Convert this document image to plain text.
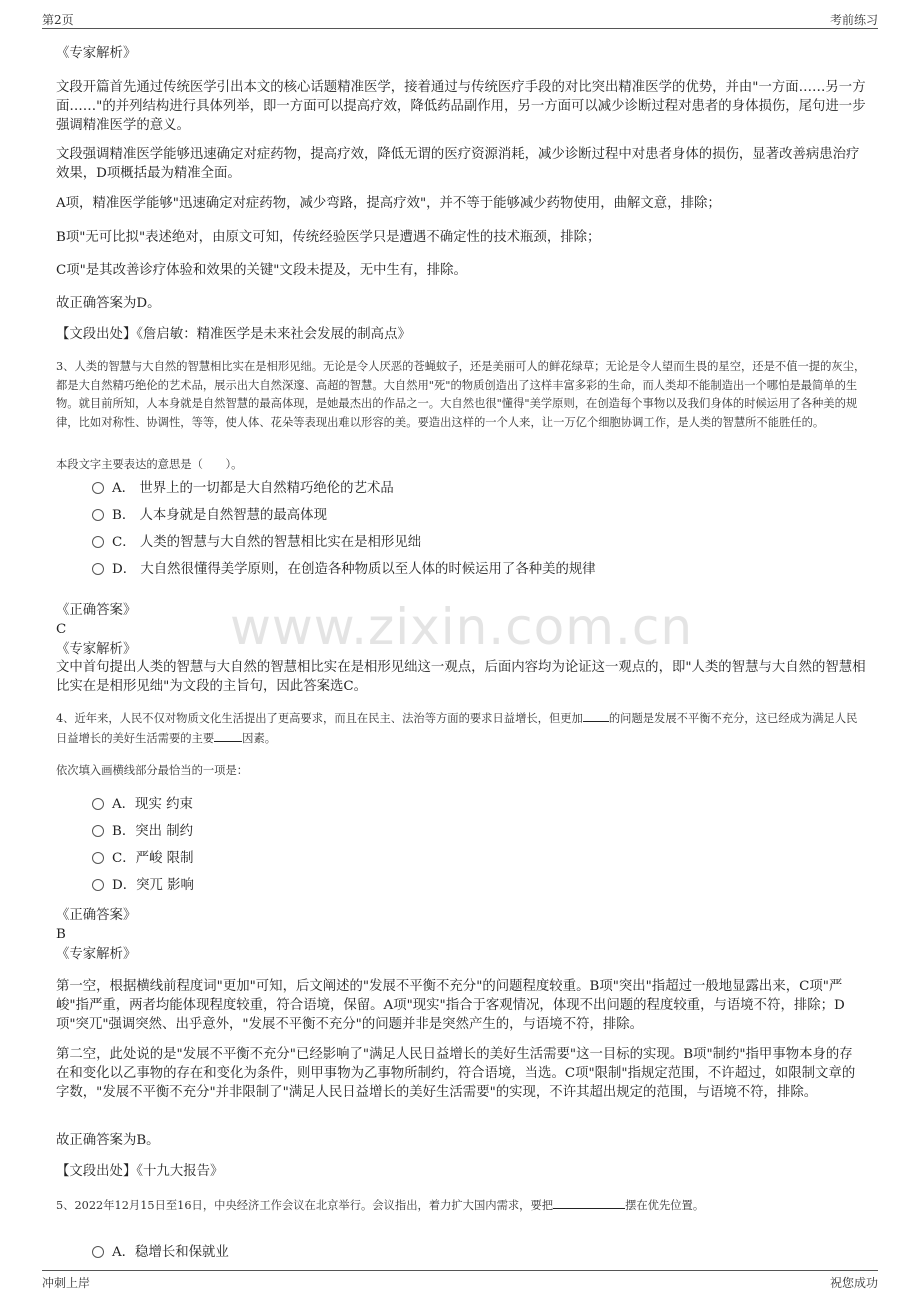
第2页	考前练习
www.zixin.com.cn
《专家解析》
文段开篇首先通过传统医学引出本文的核心话题精准医学，接着通过与传统医疗手段的对比突出精准医学的优势，并由"一方面……另一方面……"的并列结构进行具体列举，即一方面可以提高疗效，降低药品副作用，另一方面可以减少诊断过程对患者的身体损伤，尾句进一步强调精准医学的意义。
文段强调精准医学能够迅速确定对症药物，提高疗效，降低无谓的医疗资源消耗，减少诊断过程中对患者身体的损伤，显著改善病患治疗效果，D项概括最为精准全面。
A项，精准医学能够"迅速确定对症药物，减少弯路，提高疗效"，并不等于能够减少药物使用，曲解文意，排除；
B项"无可比拟"表述绝对，由原文可知，传统经验医学只是遭遇不确定性的技术瓶颈，排除；
C项"是其改善诊疗体验和效果的关键"文段未提及，无中生有，排除。
故正确答案为D。
【文段出处】《詹启敏：精准医学是未来社会发展的制高点》
3、人类的智慧与大自然的智慧相比实在是相形见绌。无论是令人厌恶的苍蝇蚊子，还是美丽可人的鲜花绿草；无论是令人望而生畏的星空，还是不值一提的灰尘，都是大自然精巧绝伦的艺术品，展示出大自然深邃、高超的智慧。大自然用"死"的物质创造出了这样丰富多彩的生命，而人类却不能制造出一个哪怕是最简单的生物。就目前所知，人本身就是自然智慧的最高体现，是她最杰出的作品之一。大自然也很"懂得"美学原则，在创造每个事物以及我们身体的时候运用了各种美的规律，比如对称性、协调性，等等，使人体、花朵等表现出难以形容的美。要造出这样的一个人来，让一万亿个细胞协调工作，是人类的智慧所不能胜任的。
本段文字主要表达的意思是（　　）。
A． 世界上的一切都是大自然精巧绝伦的艺术品
B． 人本身就是自然智慧的最高体现
C． 人类的智慧与大自然的智慧相比实在是相形见绌
D． 大自然很懂得美学原则，在创造各种物质以至人体的时候运用了各种美的规律
《正确答案》
C
《专家解析》
文中首句提出人类的智慧与大自然的智慧相比实在是相形见绌这一观点，后面内容均为论证这一观点的，即"人类的智慧与大自然的智慧相比实在是相形见绌"为文段的主旨句，因此答案选C。
4、近年来，人民不仅对物质文化生活提出了更高要求，而且在民主、法治等方面的要求日益增长，但更加 的问题是发展不平衡不充分，这已经成为满足人民日益增长的美好生活需要的主要 因素。
依次填入画横线部分最恰当的一项是：
A．现实 约束
B．突出 制约
C．严峻 限制
D．突兀 影响
《正确答案》
B
《专家解析》
第一空，根据横线前程度词"更加"可知，后文阐述的"发展不平衡不充分"的问题程度较重。B项"突出"指超过一般地显露出来，C项"严峻"指严重，两者均能体现程度较重，符合语境，保留。A项"现实"指合于客观情况，体现不出问题的程度较重，与语境不符，排除；D项"突兀"强调突然、出乎意外，"发展不平衡不充分"的问题并非是突然产生的，与语境不符，排除。
第二空，此处说的是"发展不平衡不充分"已经影响了"满足人民日益增长的美好生活需要"这一目标的实现。B项"制约"指甲事物本身的存在和变化以乙事物的存在和变化为条件，则甲事物为乙事物所制约，符合语境，当选。C项"限制"指规定范围，不许超过，如限制文章的字数，"发展不平衡不充分"并非限制了"满足人民日益增长的美好生活需要"的实现，不许其超出规定的范围，与语境不符，排除。
故正确答案为B。
【文段出处】《十九大报告》
5、2022年12月15日至16日，中央经济工作会议在北京举行。会议指出，着力扩大国内需求，要把	摆在优先位置。
A．稳增长和保就业
冲刺上岸	祝您成功
